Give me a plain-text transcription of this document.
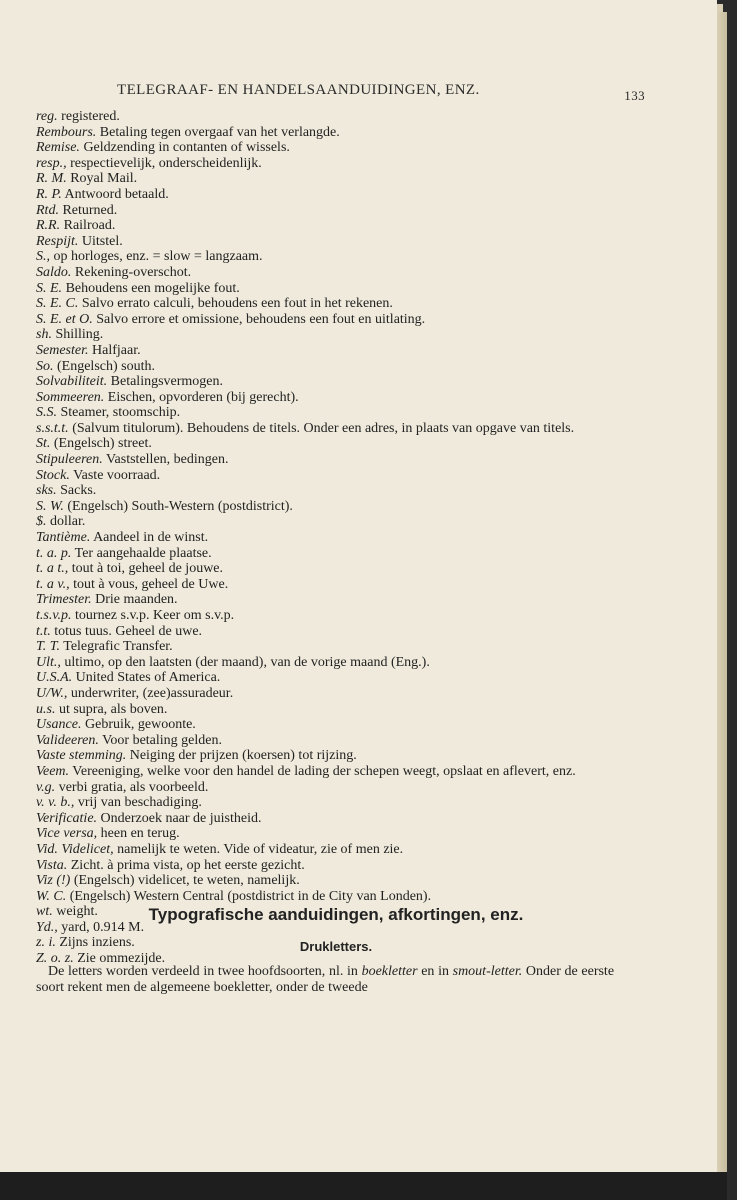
TELEGRAAF- EN HANDELSAANDUIDINGEN, ENZ.	133
reg. registered.
Rembours. Betaling tegen overgaaf van het verlangde.
Remise. Geldzending in contanten of wissels.
resp., respectievelijk, onderscheidenlijk.
R. M. Royal Mail.
R. P. Antwoord betaald.
Rtd. Returned.
R.R. Railroad.
Respijt. Uitstel.
S., op horloges, enz. = slow = langzaam.
Saldo. Rekening-overschot.
S. E. Behoudens een mogelijke fout.
S. E. C. Salvo errato calculi, behoudens een fout in het rekenen.
S. E. et O. Salvo errore et omissione, behoudens een fout en uitlating.
sh. Shilling.
Semester. Halfjaar.
So. (Engelsch) south.
Solvabiliteit. Betalingsvermogen.
Sommeeren. Eischen, opvorderen (bij gerecht).
S.S. Steamer, stoomschip.
s.s.t.t. (Salvum titulorum). Behoudens de titels. Onder een adres, in plaats van opgave van titels.
St. (Engelsch) street.
Stipuleeren. Vaststellen, bedingen.
Stock. Vaste voorraad.
sks. Sacks.
S. W. (Engelsch) South-Western (postdistrict).
$. dollar.
Tantième. Aandeel in de winst.
t. a. p. Ter aangehaalde plaatse.
t. a t., tout à toi, geheel de jouwe.
t. a v., tout à vous, geheel de Uwe.
Trimester. Drie maanden.
t.s.v.p. tournez s.v.p. Keer om s.v.p.
t.t. totus tuus. Geheel de uwe.
T. T. Telegrafic Transfer.
Ult., ultimo, op den laatsten (der maand), van de vorige maand (Eng.).
U.S.A. United States of America.
U/W., underwriter, (zee)assuradeur.
u.s. ut supra, als boven.
Usance. Gebruik, gewoonte.
Valideeren. Voor betaling gelden.
Vaste stemming. Neiging der prijzen (koersen) tot rijzing.
Veem. Vereeniging, welke voor den handel de lading der schepen weegt, opslaat en aflevert, enz.
v.g. verbi gratia, als voorbeeld.
v. v. b., vrij van beschadiging.
Verificatie. Onderzoek naar de juistheid.
Vice versa, heen en terug.
Vid. Videlicet, namelijk te weten. Vide of videatur, zie of men zie.
Vista. Zicht. à prima vista, op het eerste gezicht.
Viz (!) (Engelsch) videlicet, te weten, namelijk.
W. C. (Engelsch) Western Central (postdistrict in de City van Londen).
wt. weight.
Yd., yard, 0.914 M.
z. i. Zijns inziens.
Z. o. z. Zie ommezijde.
Typografische aanduidingen, afkortingen, enz.
Drukletters.
De letters worden verdeeld in twee hoofdsoorten, nl. in boekletter en in smout-letter. Onder de eerste soort rekent men de algemeene boekletter, onder de tweede
